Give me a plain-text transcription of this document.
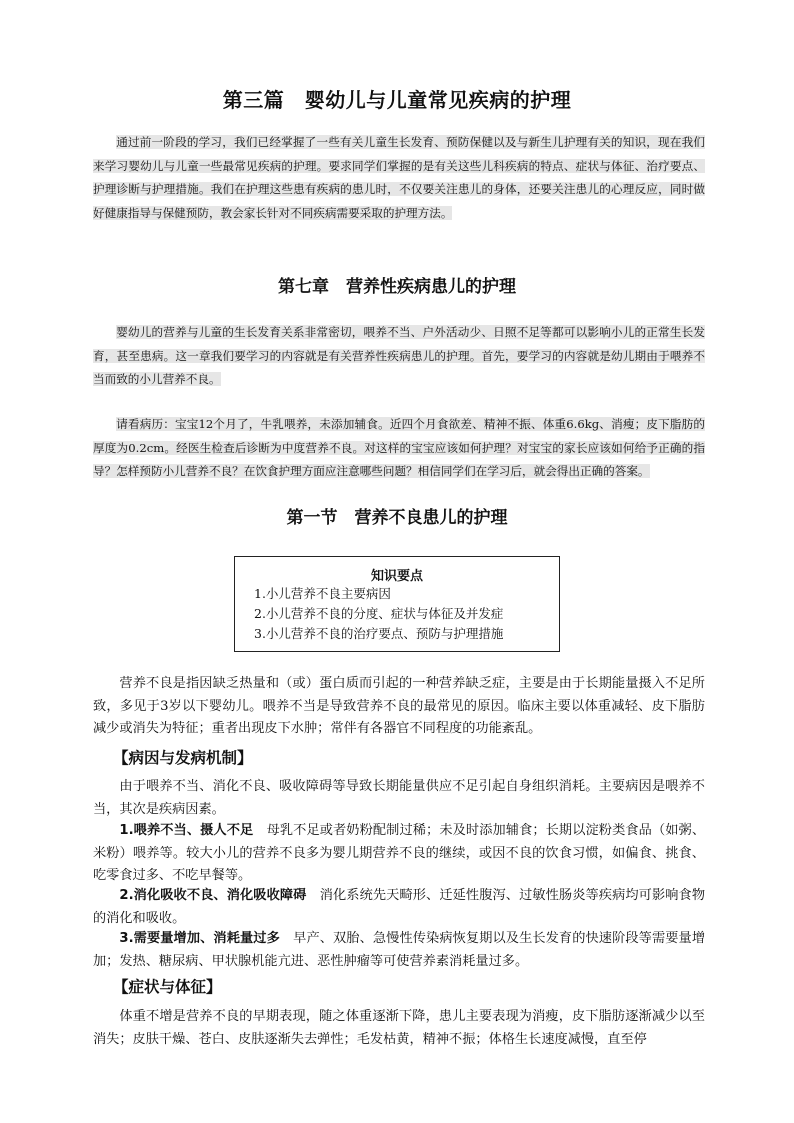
第三篇　婴幼儿与儿童常见疾病的护理
通过前一阶段的学习，我们已经掌握了一些有关儿童生长发育、预防保健以及与新生儿护理有关的知识，现在我们来学习婴幼儿与儿童一些最常见疾病的护理。要求同学们掌握的是有关这些儿科疾病的特点、症状与体征、治疗要点、护理诊断与护理措施。我们在护理这些患有疾病的患儿时，不仅要关注患儿的身体，还要关注患儿的心理反应，同时做好健康指导与保健预防，教会家长针对不同疾病需要采取的护理方法。
第七章　营养性疾病患儿的护理
婴幼儿的营养与儿童的生长发育关系非常密切，喂养不当、户外活动少、日照不足等都可以影响小儿的正常生长发育，甚至患病。这一章我们要学习的内容就是有关营养性疾病患儿的护理。首先，要学习的内容就是幼儿期由于喂养不当而致的小儿营养不良。
请看病历：宝宝12个月了，牛乳喂养，未添加辅食。近四个月食欲差、精神不振、体重6.6kg、消瘦；皮下脂肪的厚度为0.2cm。经医生检查后诊断为中度营养不良。对这样的宝宝应该如何护理？对宝宝的家长应该如何给予正确的指导？怎样预防小儿营养不良？在饮食护理方面应注意哪些问题？相信同学们在学习后，就会得出正确的答案。
第一节　营养不良患儿的护理
知识要点
1.小儿营养不良主要病因
2.小儿营养不良的分度、症状与体征及并发症
3.小儿营养不良的治疗要点、预防与护理措施
营养不良是指因缺乏热量和（或）蛋白质而引起的一种营养缺乏症，主要是由于长期能量摄入不足所致，多见于3岁以下婴幼儿。喂养不当是导致营养不良的最常见的原因。临床主要以体重减轻、皮下脂肪减少或消失为特征；重者出现皮下水肿；常伴有各器官不同程度的功能紊乱。
【病因与发病机制】
由于喂养不当、消化不良、吸收障碍等导致长期能量供应不足引起自身组织消耗。主要病因是喂养不当，其次是疾病因素。
1.喂养不当、摄人不足　 母乳不足或者奶粉配制过稀；未及时添加辅食；长期以淀粉类食品（如粥、米粉）喂养等。较大小儿的营养不良多为婴儿期营养不良的继续，或因不良的饮食习惯，如偏食、挑食、吃零食过多、不吃早餐等。
2.消化吸收不良、消化吸收障碍　 消化系统先天畸形、迁延性腹泻、过敏性肠炎等疾病均可影响食物的消化和吸收。
3.需要量增加、消耗量过多　 早产、双胎、急慢性传染病恢复期以及生长发育的快速阶段等需要量增加；发热、糖尿病、甲状腺机能亢进、恶性肿瘤等可使营养素消耗量过多。
【症状与体征】
体重不增是营养不良的早期表现，随之体重逐渐下降，患儿主要表现为消瘦，皮下脂肪逐渐减少以至消失；皮肤干燥、苍白、皮肤逐渐失去弹性；毛发枯黄，精神不振；体格生长速度减慢，直至停
